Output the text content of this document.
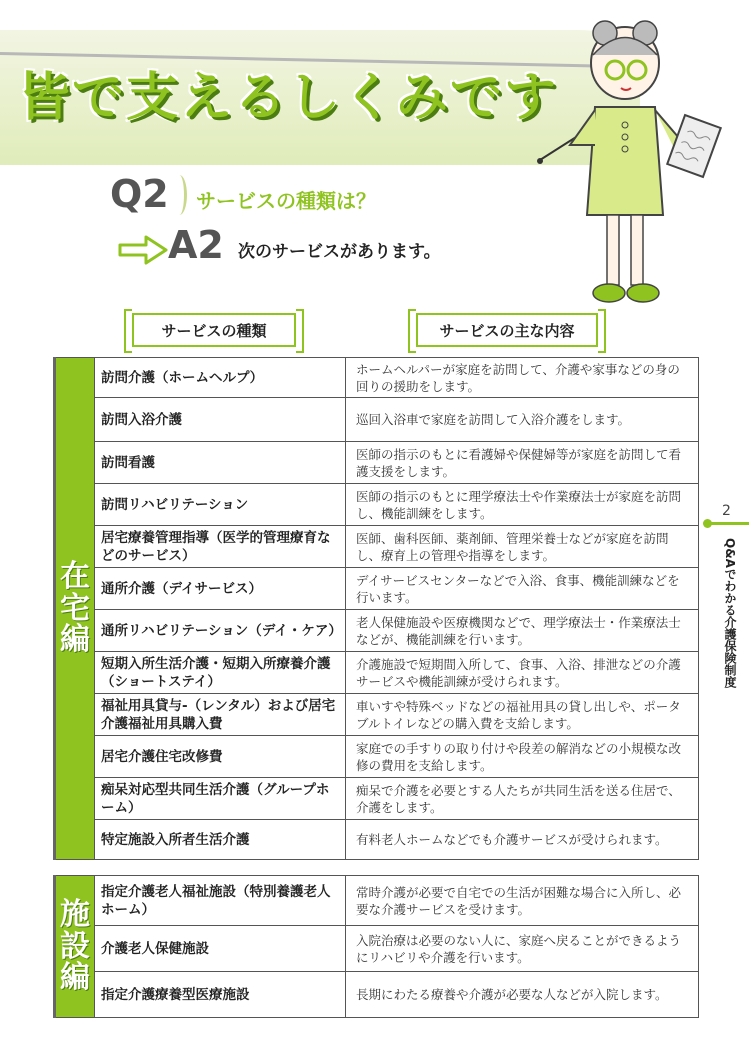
皆で支えるしくみです
Q2 サービスの種類は？
A2 次のサービスがあります。
サービスの種類	サービスの主な内容
在宅編	訪問介護（ホームヘルプ）	ホームヘルパーが家庭を訪問して、介護や家事などの身の回りの援助をします。
	訪問入浴介護	巡回入浴車で家庭を訪問して入浴介護をします。
	訪問看護	医師の指示のもとに看護婦や保健婦等が家庭を訪問して看護支援をします。
	訪問リハビリテーション	医師の指示のもとに理学療法士や作業療法士が家庭を訪問し、機能訓練をします。
	居宅療養管理指導（医学的管理療育などのサービス）	医師、歯科医師、薬剤師、管理栄養士などが家庭を訪問し、療育上の管理や指導をします。
	通所介護（デイサービス）	デイサービスセンターなどで入浴、食事、機能訓練などを行います。
	通所リハビリテーション（デイ・ケア）	老人保健施設や医療機関などで、理学療法士・作業療法士などが、機能訓練を行います。
	短期入所生活介護・短期入所療養介護（ショートステイ）	介護施設で短期間入所して、食事、入浴、排泄などの介護サービスや機能訓練が受けられます。
	福祉用具貸与-（レンタル）および居宅介護福祉用具購入費	車いすや特殊ベッドなどの福祉用具の貸し出しや、ポータブルトイレなどの購入費を支給します。
	居宅介護住宅改修費	家庭での手すりの取り付けや段差の解消などの小規模な改修の費用を支給します。
	痴呆対応型共同生活介護（グループホーム）	痴呆で介護を必要とする人たちが共同生活を送る住居で、介護をします。
	特定施設入所者生活介護	有料老人ホームなどでも介護サービスが受けられます。
施設編	指定介護老人福祉施設（特別養護老人ホーム）	常時介護が必要で自宅での生活が困難な場合に入所し、必要な介護サービスを受けます。
	介護老人保健施設	入院治療は必要のない人に、家庭へ戻ることができるようにリハビリや介護を行います。
	指定介護療養型医療施設	長期にわたる療養や介護が必要な人などが入院します。
2
Q&Aでわかる介護保険制度
